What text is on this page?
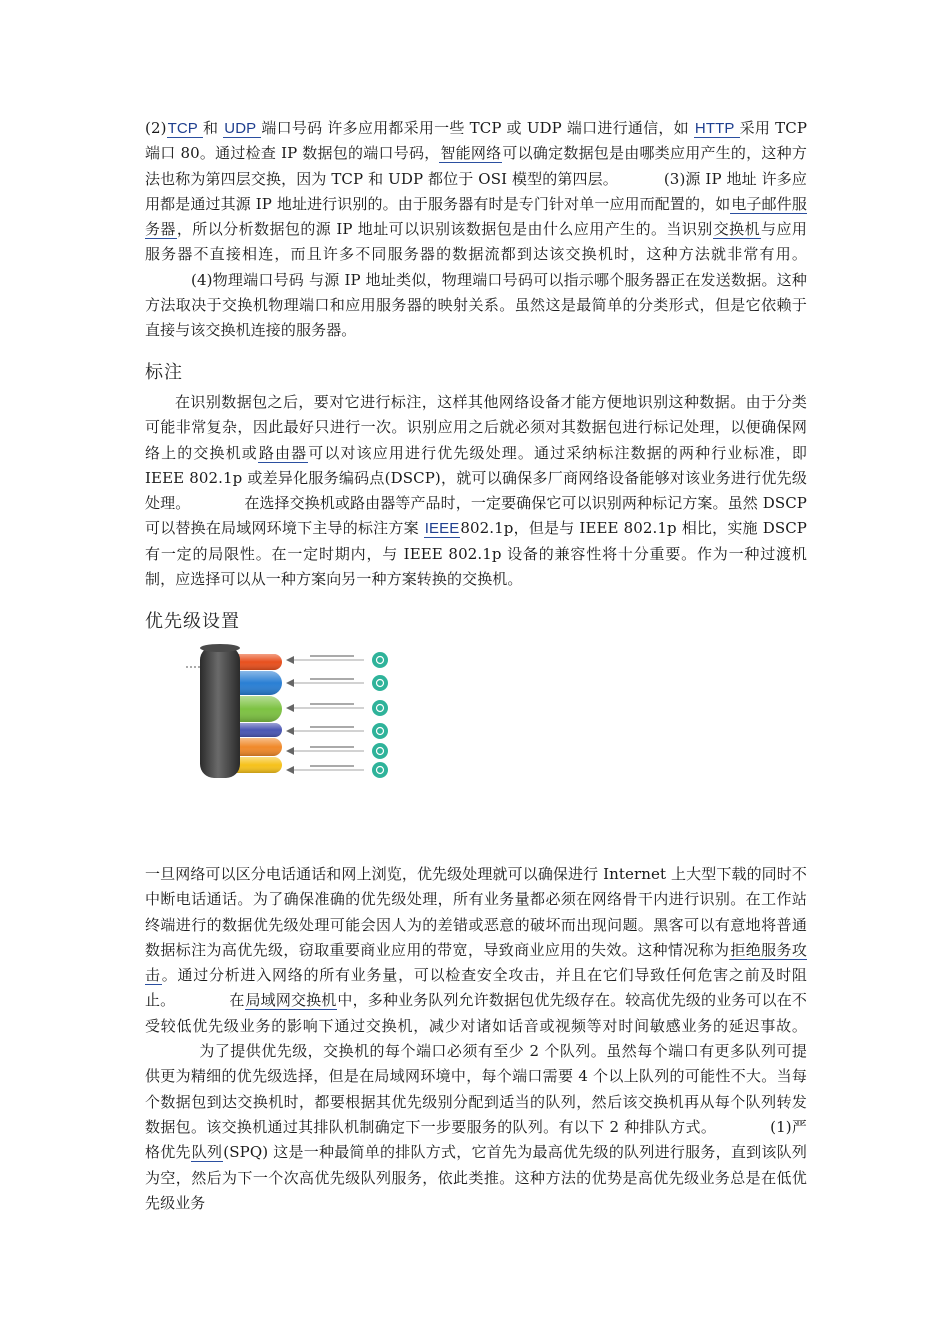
(2)TCP 和 UDP 端口号码 许多应用都采用一些 TCP 或 UDP 端口进行通信，如 HTTP 采用 TCP 端口 80。通过检查 IP 数据包的端口号码，智能网络可以确定数据包是由哪类应用产生的，这种方法也称为第四层交换，因为 TCP 和 UDP 都位于 OSI 模型的第四层。	(3)源 IP 地址 许多应用都是通过其源 IP 地址进行识别的。由于服务器有时是专门针对单一应用而配置的，如电子邮件服务器，所以分析数据包的源 IP 地址可以识别该数据包是由什么应用产生的。当识别交换机与应用服务器不直接相连，而且许多不同服务器的数据流都到达该交换机时，这种方法就非常有用。(4)物理端口号码 与源 IP 地址类似，物理端口号码可以指示哪个服务器正在发送数据。这种方法取决于交换机物理端口和应用服务器的映射关系。虽然这是最简单的分类形式，但是它依赖于直接与该交换机连接的服务器。
标注
在识别数据包之后，要对它进行标注，这样其他网络设备才能方便地识别这种数据。由于分类可能非常复杂，因此最好只进行一次。识别应用之后就必须对其数据包进行标记处理，以便确保网络上的交换机或路由器可以对该应用进行优先级处理。通过采纳标注数据的两种行业标准，即 IEEE 802.1p 或差异化服务编码点(DSCP)，就可以确保多厂商网络设备能够对该业务进行优先级处理。	在选择交换机或路由器等产品时，一定要确保它可以识别两种标记方案。虽然 DSCP 可以替换在局域网环境下主导的标注方案 IEEE802.1p，但是与 IEEE 802.1p 相比，实施 DSCP 有一定的局限性。在一定时期内，与 IEEE 802.1p 设备的兼容性将十分重要。作为一种过渡机制，应选择可以从一种方案向另一种方案转换的交换机。
优先级设置
一旦网络可以区分电话通话和网上浏览，优先级处理就可以确保进行 Internet 上大型下载的同时不中断电话通话。为了确保准确的优先级处理，所有业务量都必须在网络骨干内进行识别。在工作站终端进行的数据优先级处理可能会因人为的差错或恶意的破坏而出现问题。黑客可以有意地将普通数据标注为高优先级，窃取重要商业应用的带宽，导致商业应用的失效。这种情况称为拒绝服务攻击。通过分析进入网络的所有业务量，可以检查安全攻击，并且在它们导致任何危害之前及时阻止。	在局域网交换机中，多种业务队列允许数据包优先级存在。较高优先级的业务可以在不受较低优先级业务的影响下通过交换机，减少对诸如话音或视频等对时间敏感业务的延迟事故。为了提供优先级，交换机的每个端口必须有至少 2 个队列。虽然每个端口有更多队列可提供更为精细的优先级选择，但是在局域网环境中，每个端口需要 4 个以上队列的可能性不大。当每个数据包到达交换机时，都要根据其优先级别分配到适当的队列，然后该交换机再从每个队列转发数据包。该交换机通过其排队机制确定下一步要服务的队列。有以下 2 种排队方式。	(1)严格优先队列(SPQ) 这是一种最简单的排队方式，它首先为最高优先级的队列进行服务，直到该队列为空，然后为下一个次高优先级队列服务，依此类推。这种方法的优势是高优先级业务总是在低优先级业务
